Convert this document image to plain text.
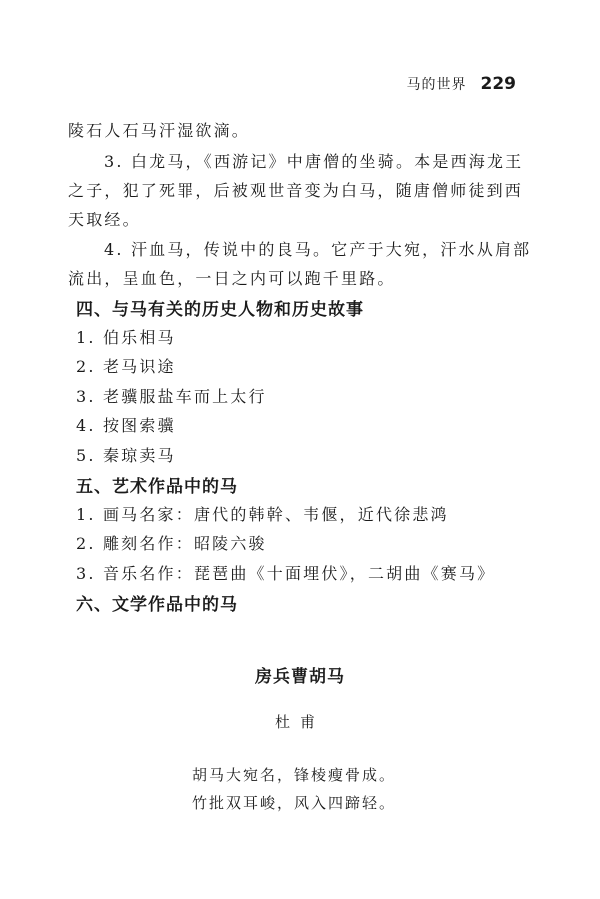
马的世界 229
陵石人石马汗湿欲滴。
3. 白龙马，《西游记》中唐僧的坐骑。本是西海龙王
之子，犯了死罪，后被观世音变为白马，随唐僧师徒到西
天取经。
4. 汗血马，传说中的良马。它产于大宛，汗水从肩部
流出，呈血色，一日之内可以跑千里路。
四、与马有关的历史人物和历史故事
1. 伯乐相马
2. 老马识途
3. 老骥服盐车而上太行
4. 按图索骥
5. 秦琼卖马
五、艺术作品中的马
1. 画马名家：唐代的韩幹、韦偃，近代徐悲鸿
2. 雕刻名作：昭陵六骏
3. 音乐名作：琵琶曲《十面埋伏》，二胡曲《赛马》
六、文学作品中的马
房兵曹胡马
杜甫
胡马大宛名，锋棱瘦骨成。
竹批双耳峻，风入四蹄轻。
